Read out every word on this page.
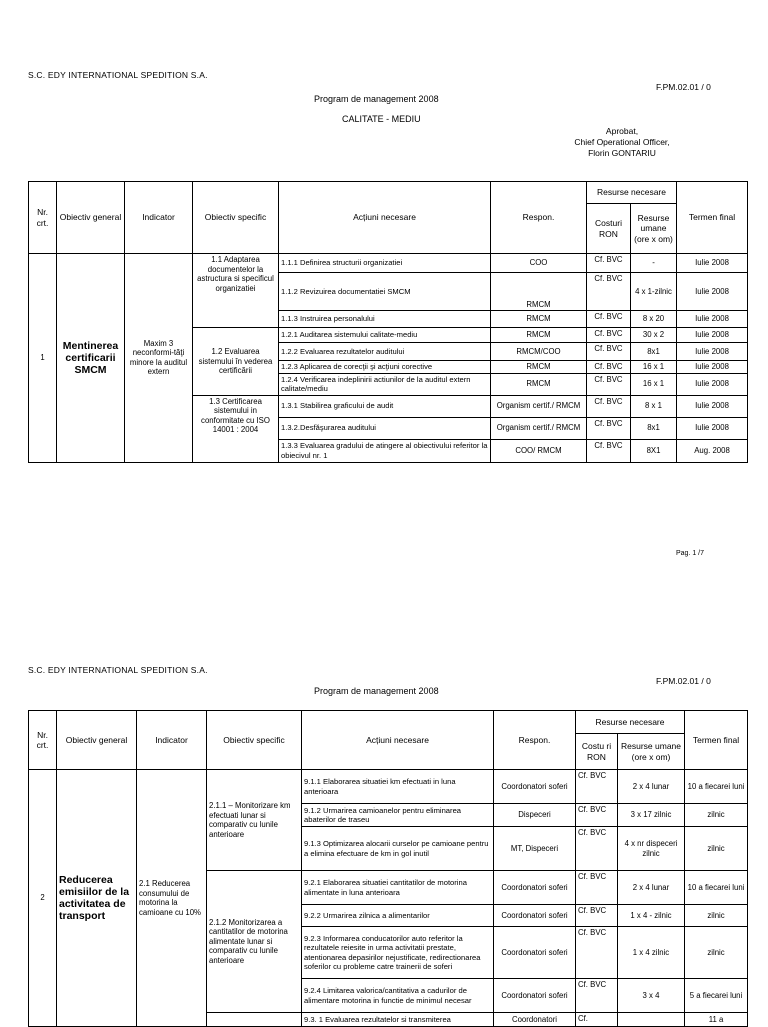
S.C. EDY INTERNATIONAL SPEDITION S.A.
F.PM.02.01 / 0
Program de management 2008
CALITATE - MEDIU
Aprobat,
Chief Operational Officer,
Florin GONTARIU
Nr. crt.	Obiectiv general	Indicator	Obiectiv specific	Acțiuni necesare	Respon.	Resurse necesare		Termen final
						Costuri RON	Resurse umane (ore x om)	
1	Mentinerea certificarii SMCM	Maxim 3 neconformi-tăţi minore la auditul extern	1.1 Adaptarea documentelor la astructura si specificul organizatiei	1.1.1 Definirea structurii organizatiei	COO	Cf. BVC	-	Iulie 2008
				1.1.2 Revizuirea documentatiei SMCM	RMCM	Cf. BVC	4 x 1-zilnic	Iulie 2008
				1.1.3 Instruirea personalului	RMCM	Cf. BVC	8 x 20	Iulie 2008
			1.2 Evaluarea sistemului în vederea certificării	1.2.1 Auditarea sistemului calitate-mediu	RMCM	Cf. BVC	30 x 2	Iulie 2008
				1.2.2 Evaluarea rezultatelor auditului	RMCM/COO	Cf. BVC	8x1	Iulie 2008
				1.2.3 Aplicarea de corecţii şi acţiuni corective	RMCM	Cf. BVC	16 x 1	Iulie 2008
				1.2.4 Verificarea indeplinirii actiunilor de la auditul extern calitate/mediu	RMCM	Cf. BVC	16 x 1	Iulie 2008
			1.3 Certificarea sistemului in conformitate cu ISO 14001 : 2004	1.3.1 Stabilirea graficului de audit	Organism certif./ RMCM	Cf. BVC	8 x 1	Iulie 2008
				1.3.2.Desfăşurarea auditului	Organism certif./ RMCM	Cf. BVC	8x1	Iulie 2008
				1.3.3 Evaluarea gradului de atingere al obiectivului referitor la obiecivul nr. 1	COO/ RMCM	Cf. BVC	8X1	Aug. 2008
Pag. 1 /7
S.C. EDY INTERNATIONAL SPEDITION S.A.
F.PM.02.01 / 0
Program de management 2008
Nr. crt.	Obiectiv general	Indicator	Obiectiv specific	Acțiuni necesare	Respon.	Resurse necesare		Termen final
						Costu ri RON	Resurse umane (ore x om)	
2	Reducerea emisiilor de la activitatea de transport	2.1 Reducerea consumului de motorina la camioane cu 10%	2.1.1 – Monitorizare km efectuati lunar si comparativ cu lunile anterioare	9.1.1 Elaborarea situatiei km efectuati in luna anterioara	Coordonatori soferi	Cf. BVC	2 x 4 lunar	10 a fiecarei luni
				9.1.2 Urmarirea camioanelor pentru eliminarea abaterilor de traseu	Dispeceri	Cf. BVC	3 x 17 zilnic	zilnic
				9.1.3 Optimizarea alocarii curselor pe camioane pentru a elimina efectuare de km in gol inutil	MT, Dispeceri	Cf. BVC	4 x nr dispeceri zilnic	zilnic
			2.1.2 Monitorizarea a cantitatilor de motorina alimentate lunar si comparativ cu lunile anterioare	9.2.1 Elaborarea situatiei cantitatilor de motorina alimentate in luna anterioara	Coordonatori soferi	Cf. BVC	2 x 4 lunar	10 a fiecarei luni
				9.2.2 Urmarirea zilnica a alimentarilor	Coordonatori soferi	Cf. BVC	1 x 4 - zilnic	zilnic
				9.2.3 Informarea conducatorilor auto referitor la rezultatele reiesite in urma activitatii prestate, atentionarea depasirilor nejustificate, redirectionarea soferilor cu probleme catre trainerii de soferi	Coordonatori soferi	Cf. BVC	1 x 4 zilnic	zilnic
				9.2.4 Limitarea valorica/cantitativa a cadurilor de alimentare motorina in functie de minimul necesar	Coordonatori soferi	Cf. BVC	3 x 4	5 a fiecarei luni
				9.3. 1 Evaluarea rezultatelor si transmiterea	Coordonatori	Cf.		11 a
